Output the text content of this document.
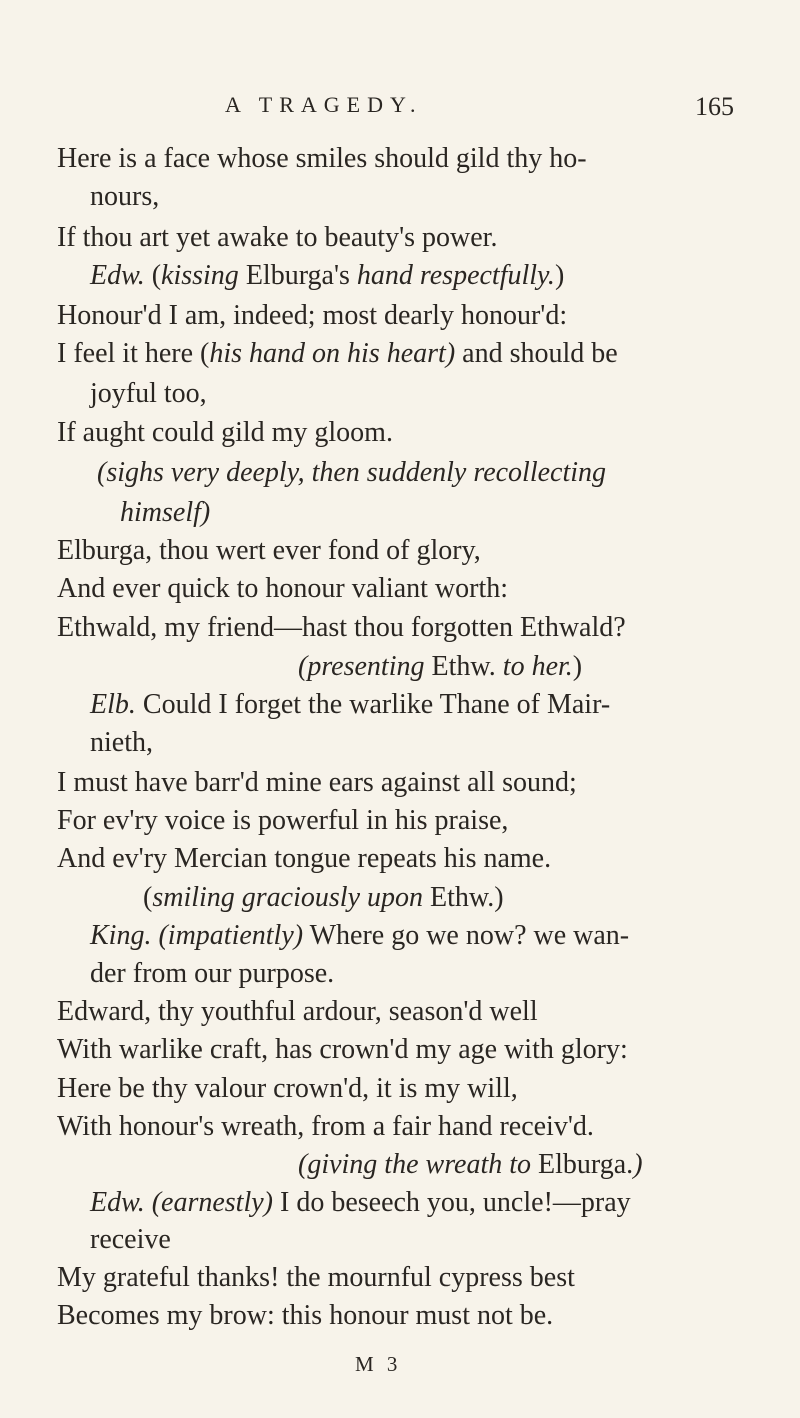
A TRAGEDY.	165
Here is a face whose smiles should gild thy ho-
nours,
If thou art yet awake to beauty's power.
Edw. (kissing Elburga's hand respectfully.)
Honour'd I am, indeed; most dearly honour'd:
I feel it here (his hand on his heart) and should be
joyful too,
If aught could gild my gloom.
(sighs very deeply, then suddenly recollecting
himself)
Elburga, thou wert ever fond of glory,
And ever quick to honour valiant worth:
Ethwald, my friend—hast thou forgotten Ethwald?
(presenting Ethw. to her.)
Elb. Could I forget the warlike Thane of Mair-
nieth,
I must have barr'd mine ears against all sound;
For ev'ry voice is powerful in his praise,
And ev'ry Mercian tongue repeats his name.
(smiling graciously upon Ethw.)
King. (impatiently) Where go we now? we wan-
der from our purpose.
Edward, thy youthful ardour, season'd well
With warlike craft, has crown'd my age with glory:
Here be thy valour crown'd, it is my will,
With honour's wreath, from a fair hand receiv'd.
(giving the wreath to Elburga.)
Edw. (earnestly) I do beseech you, uncle!—pray
receive
My grateful thanks! the mournful cypress best
Becomes my brow: this honour must not be.
M 3
